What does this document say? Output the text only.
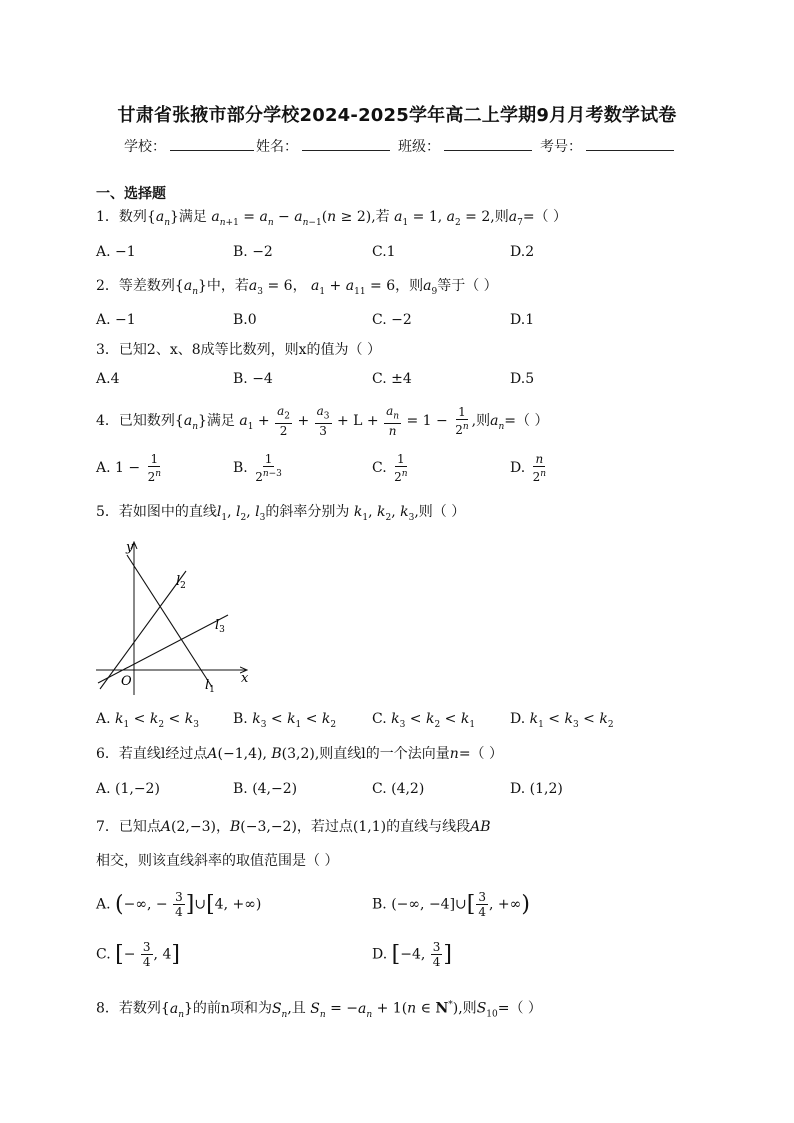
甘肃省张掖市部分学校2024-2025学年高二上学期9月月考数学试卷
学校：	姓名：	班级：	考号：
一、选择题
1．数列$\{a_n\}$满足 $a_{n+1} = a_n - a_{n-1}(n \ge 2)$,若 $a_1 = 1$, $a_2 = 2$,则$a_7=$（ ）
A. −1	B. −2	C.1	D.2
2．等差数列$\{a_n\}$中，若$a_3 = 6$， $a_1 + a_{11} = 6$，则$a_9$等于（ ）
A. −1	B.0	C. −2	D.1
3．已知2、x、8成等比数列，则x的值为（ ）
A.4	B. −4	C. ±4	D.5
4．已知数列$\{a_n\}$满足 $a_1 + \frac{a_2}{2} + \frac{a_3}{3} + L + \frac{a_n}{n} = 1 - \frac{1}{2^n}$ ,则$a_n=$（ ）
A. $1 - \frac{1}{2^n}$	B. $\frac{1}{2^{n-3}}$	C. $\frac{1}{2^n}$	D. $\frac{n}{2^n}$
5．若如图中的直线$l_1$, $l_2$, $l_3$的斜率分别为 $k_1$, $k_2$, $k_3$,则（ ）
y
x
O	$l_1$
$l_2$
$l_3$
A. $k_1 < k_2 < k_3$ B. $k_3 < k_1 < k_2$	C. $k_3 < k_2 < k_1$ D. $k_1 < k_3 < k_2$
6．若直线l经过点A(−1,4), B(3,2),则直线l的一个法向量n=（ ）
A. (1,−2)	B. (4,−2)	C. (4,2)	D. (1,2)
7．已知点A(2,−3)，B(−3,−2)，若过点(1,1)的直线与线段AB
相交，则该直线斜率的取值范围是（ ）
A. (−∞, − $\frac{3}{4}$ ]∪[4, +∞)	B. (−∞, −4]∪[ $\frac{3}{4}$ , +∞)
C. [− $\frac{3}{4}$ , 4]	D. [−4, $\frac{3}{4}$ ]
8．若数列$\{a_n\}$的前n项和为$S_n$,且 $S_n = -a_n + 1(n$ ∈ N*),则$S_{10}=$（ ）
